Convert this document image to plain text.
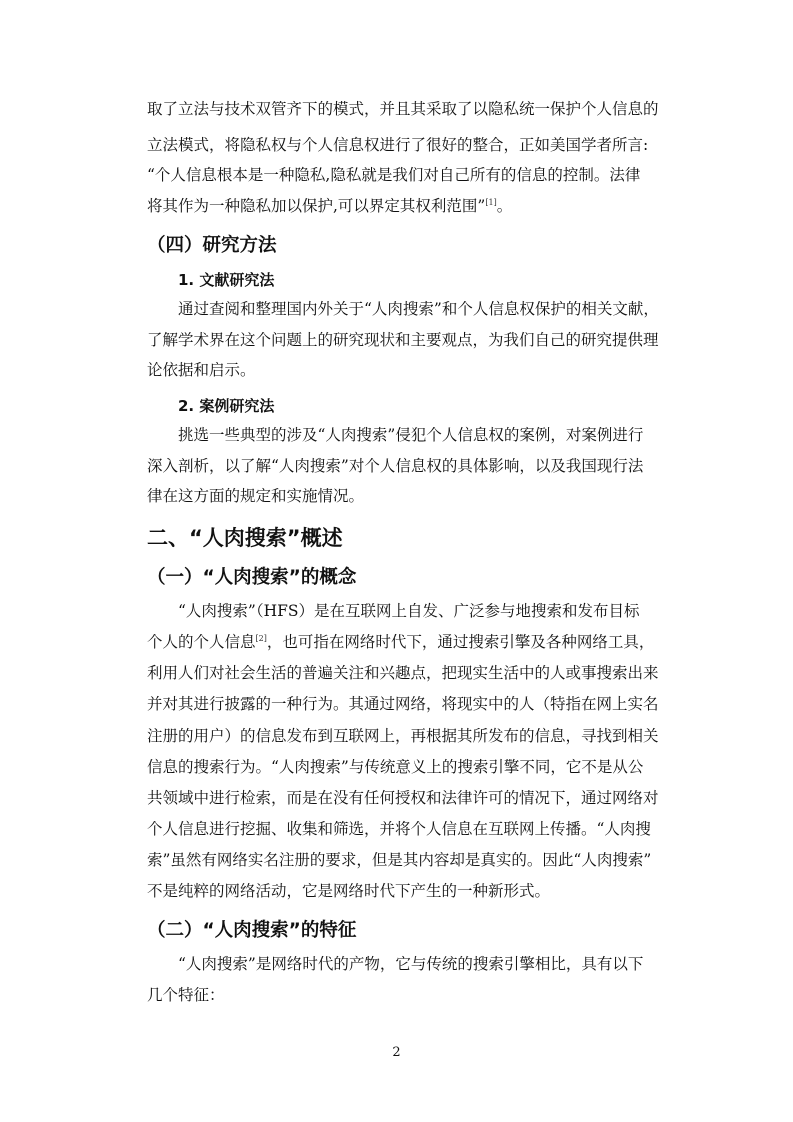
取了立法与技术双管齐下的模式，并且其采取了以隐私统一保护个人信息的
立法模式，将隐私权与个人信息权进行了很好的整合，正如美国学者所言:
“个人信息根本是一种隐私,隐私就是我们对自己所有的信息的控制。法律
将其作为一种隐私加以保护,可以界定其权利范围”[1]。
（四）研究方法
1. 文献研究法
通过查阅和整理国内外关于“人肉搜索”和个人信息权保护的相关文献，
了解学术界在这个问题上的研究现状和主要观点，为我们自己的研究提供理
论依据和启示。
2. 案例研究法
挑选一些典型的涉及“人肉搜索”侵犯个人信息权的案例，对案例进行
深入剖析，以了解“人肉搜索”对个人信息权的具体影响，以及我国现行法
律在这方面的规定和实施情况。
二、“人肉搜索”概述
（一）“人肉搜索”的概念
“人肉搜索”（HFS）是在互联网上自发、广泛参与地搜索和发布目标
个人的个人信息[2]，也可指在网络时代下，通过搜索引擎及各种网络工具，
利用人们对社会生活的普遍关注和兴趣点，把现实生活中的人或事搜索出来
并对其进行披露的一种行为。其通过网络，将现实中的人（特指在网上实名
注册的用户）的信息发布到互联网上，再根据其所发布的信息，寻找到相关
信息的搜索行为。“人肉搜索”与传统意义上的搜索引擎不同，它不是从公
共领域中进行检索，而是在没有任何授权和法律许可的情况下，通过网络对
个人信息进行挖掘、收集和筛选，并将个人信息在互联网上传播。“人肉搜
索”虽然有网络实名注册的要求，但是其内容却是真实的。因此“人肉搜索”
不是纯粹的网络活动，它是网络时代下产生的一种新形式。
（二）“人肉搜索”的特征
“人肉搜索”是网络时代的产物，它与传统的搜索引擎相比，具有以下
几个特征：
2
